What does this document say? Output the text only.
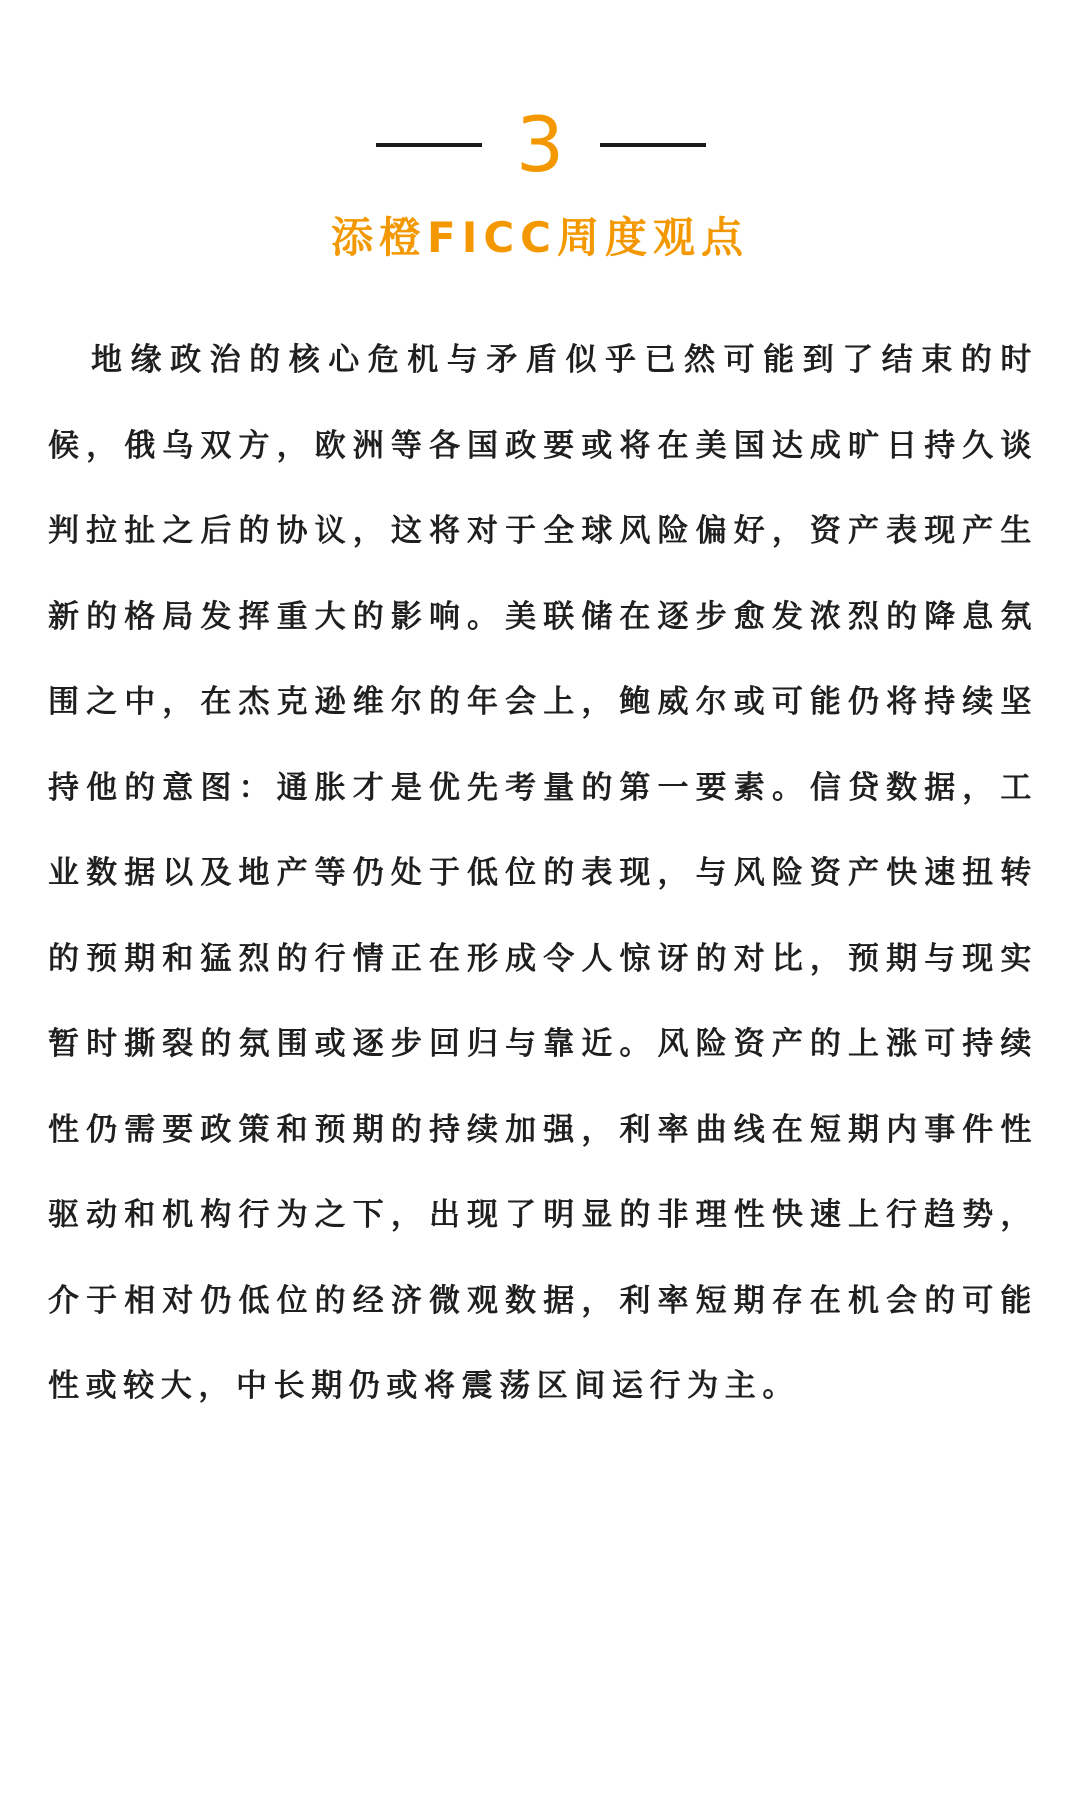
3
添橙FICC周度观点

地缘政治的核心危机与矛盾似乎已然可能到了结束的时候，俄乌双方，欧洲等各国政要或将在美国达成旷日持久谈判拉扯之后的协议，这将对于全球风险偏好，资产表现产生新的格局发挥重大的影响。美联储在逐步愈发浓烈的降息氛围之中，在杰克逊维尔的年会上，鲍威尔或可能仍将持续坚持他的意图：通胀才是优先考量的第一要素。信贷数据，工业数据以及地产等仍处于低位的表现，与风险资产快速扭转的预期和猛烈的行情正在形成令人惊讶的对比，预期与现实暂时撕裂的氛围或逐步回归与靠近。风险资产的上涨可持续性仍需要政策和预期的持续加强，利率曲线在短期内事件性驱动和机构行为之下，出现了明显的非理性快速上行趋势，介于相对仍低位的经济微观数据，利率短期存在机会的可能性或较大，中长期仍或将震荡区间运行为主。
